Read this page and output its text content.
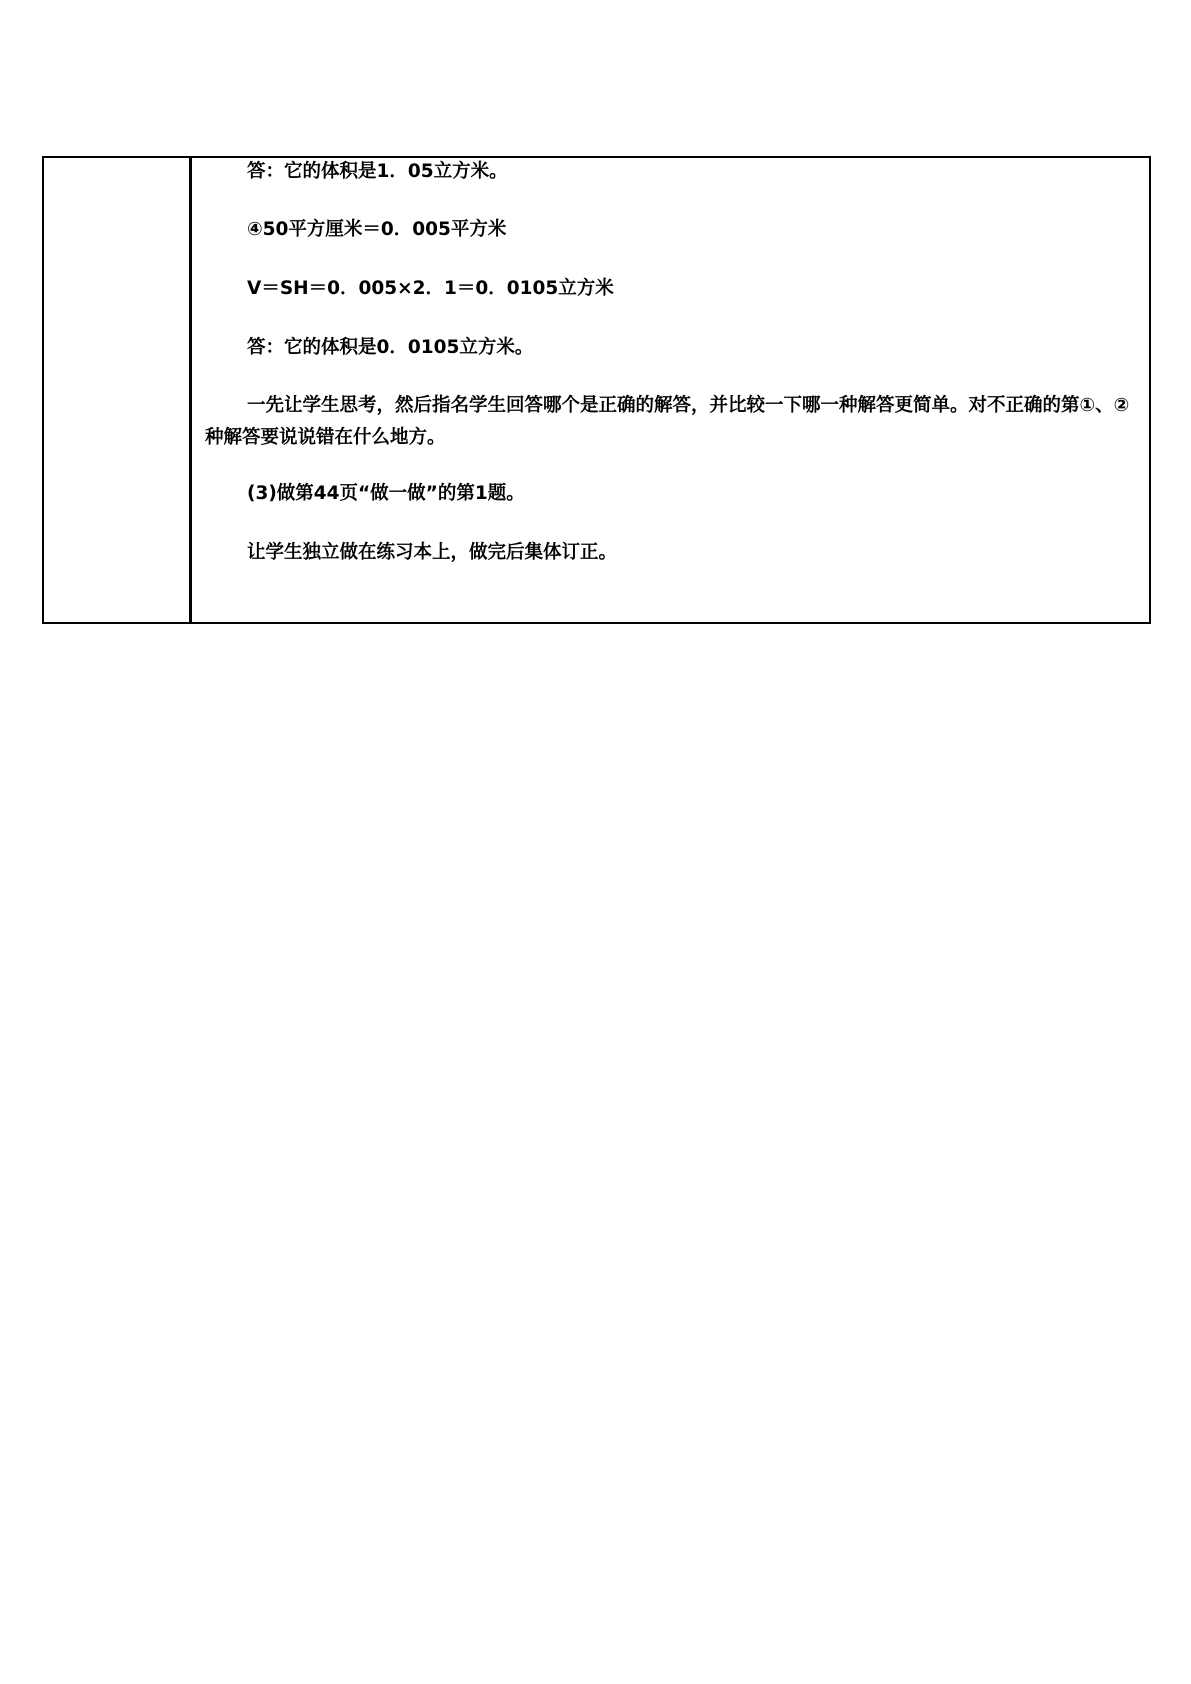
答：它的体积是1．05立方米。

④50平方厘米＝0．005平方米

V＝SH＝0．005×2．1＝0．0105立方米

答：它的体积是0．0105立方米。

一先让学生思考，然后指名学生回答哪个是正确的解答，并比较一下哪一种解答更简单。对不正确的第①、②种解答要说说错在什么地方。

(3)做第44页“做一做”的第1题。

让学生独立做在练习本上，做完后集体订正。
